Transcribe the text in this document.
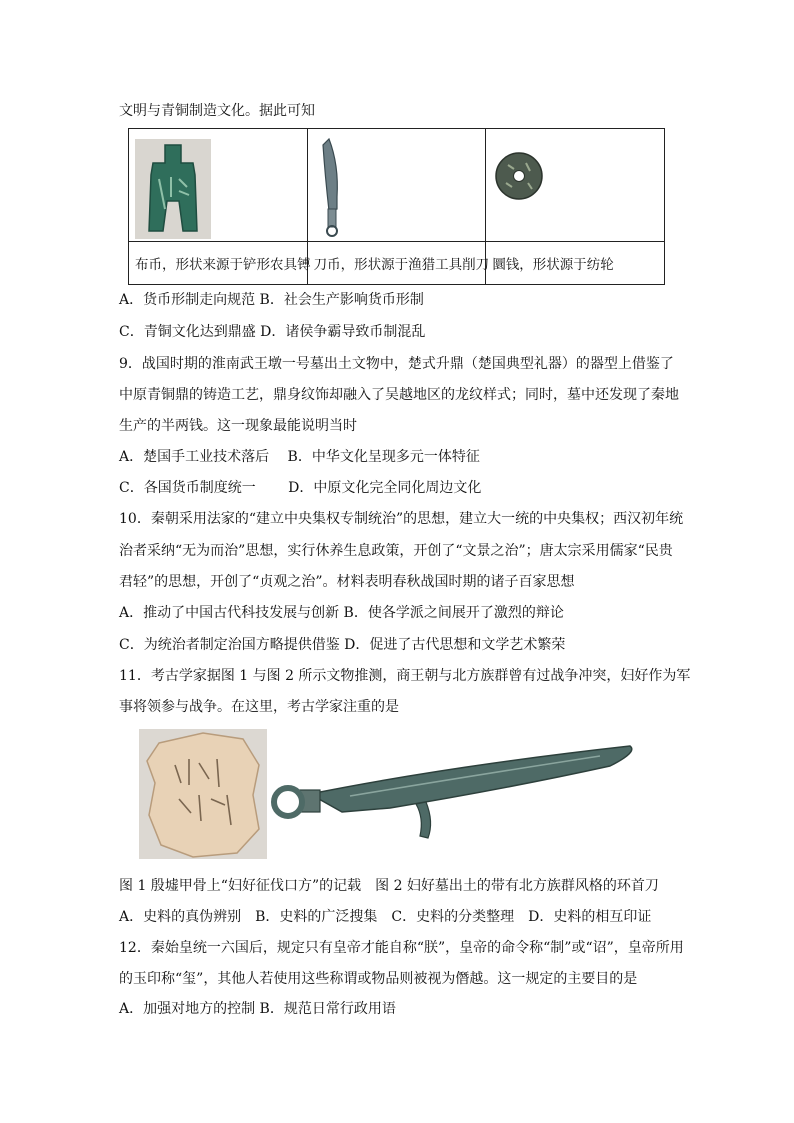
文明与青铜制造文化。据此可知

布币，形状来源于铲形农具镈	刀币，形状源于渔猎工具削刀	圜钱，形状源于纺轮
A．货币形制走向规范 B．社会生产影响货币形制
C．青铜文化达到鼎盛 D．诸侯争霸导致币制混乱
9．战国时期的淮南武王墩一号墓出土文物中，楚式升鼎（楚国典型礼器）的器型上借鉴了
中原青铜鼎的铸造工艺，鼎身纹饰却融入了吴越地区的龙纹样式；同时，墓中还发现了秦地
生产的半两钱。这一现象最能说明当时
A．楚国手工业技术落后　 B．中华文化呈现多元一体特征
C．各国货币制度统一　　 D．中原文化完全同化周边文化
10．秦朝采用法家的“建立中央集权专制统治”的思想，建立大一统的中央集权；西汉初年统
治者采纳“无为而治”思想，实行休养生息政策，开创了“文景之治”；唐太宗采用儒家“民贵
君轻”的思想，开创了“贞观之治”。材料表明春秋战国时期的诸子百家思想
A．推动了中国古代科技发展与创新 B．使各学派之间展开了激烈的辩论
C．为统治者制定治国方略提供借鉴 D．促进了古代思想和文学艺术繁荣
11．考古学家据图 1 与图 2 所示文物推测，商王朝与北方族群曾有过战争冲突，妇好作为军
事将领参与战争。在这里，考古学家注重的是
图 1 殷墟甲骨上“妇好征伐口方”的记载　图 2 妇好墓出土的带有北方族群风格的环首刀
A．史料的真伪辨别　B．史料的广泛搜集　C．史料的分类整理　D．史料的相互印证
12．秦始皇统一六国后，规定只有皇帝才能自称“朕”，皇帝的命令称“制”或“诏”，皇帝所用
的玉印称“玺”，其他人若使用这些称谓或物品则被视为僭越。这一规定的主要目的是
A．加强对地方的控制 B．规范日常行政用语
